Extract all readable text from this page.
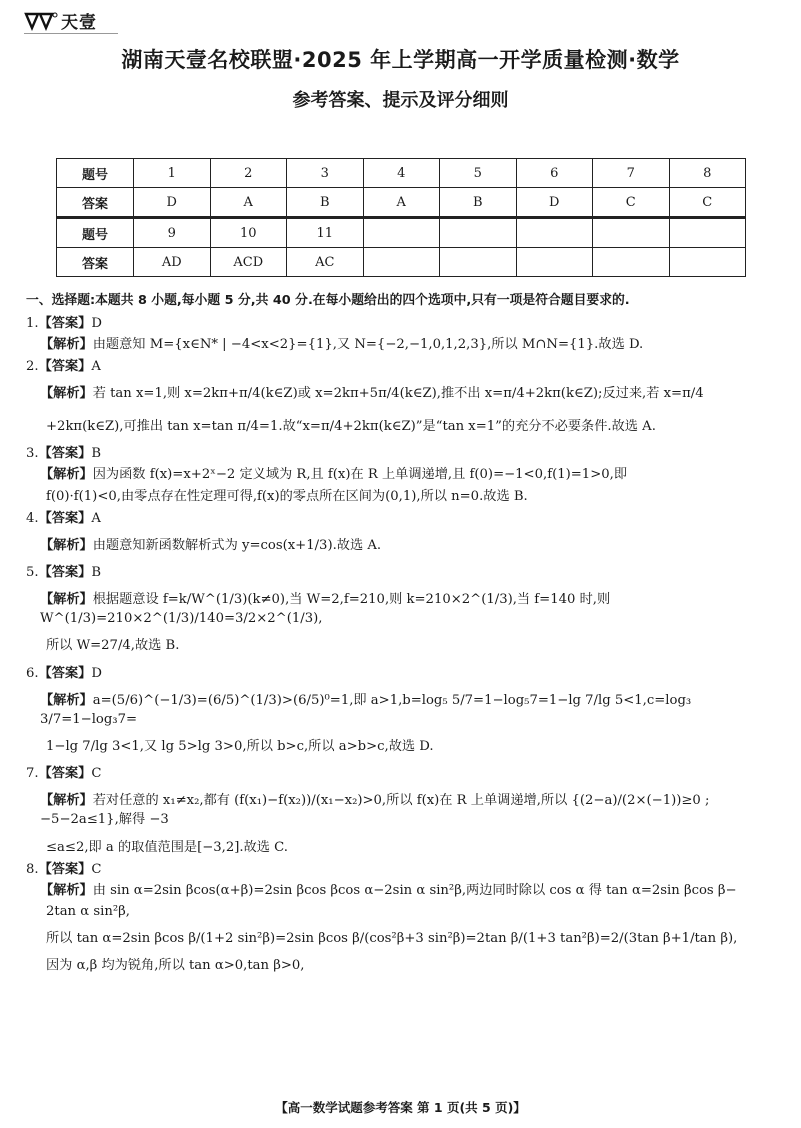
天壹
湖南天壹名校联盟·2025 年上学期高一开学质量检测·数学
参考答案、提示及评分细则
题号	1	2	3	4	5	6	7	8
答案	D	A	B	A	B	D	C	C
题号	9	10	11					
答案	AD	ACD	AC					

一、选择题:本题共 8 小题,每小题 5 分,共 40 分.在每小题给出的四个选项中,只有一项是符合题目要求的.

1.【答案】D

【解析】由题意知 M={x∈N* | −4<x<2}={1},又 N={−2,−1,0,1,2,3},所以 M∩N={1}.故选 D.

2.【答案】A

【解析】若 tan x=1,则 x=2kπ+π/4(k∈Z)或 x=2kπ+5π/4(k∈Z),推不出 x=π/4+2kπ(k∈Z);反过来,若 x=π/4

+2kπ(k∈Z),可推出 tan x=tan π/4=1.故“x=π/4+2kπ(k∈Z)”是“tan x=1”的充分不必要条件.故选 A.

3.【答案】B

【解析】因为函数 f(x)=x+2ˣ−2 定义域为 R,且 f(x)在 R 上单调递增,且 f(0)=−1<0,f(1)=1>0,即

f(0)·f(1)<0,由零点存在性定理可得,f(x)的零点所在区间为(0,1),所以 n=0.故选 B.

4.【答案】A

【解析】由题意知新函数解析式为 y=cos(x+1/3).故选 A.

5.【答案】B

【解析】根据题意设 f=k/W^(1/3)(k≠0),当 W=2,f=210,则 k=210×2^(1/3),当 f=140 时,则 W^(1/3)=210×2^(1/3)/140=3/2×2^(1/3),

所以 W=27/4,故选 B.

6.【答案】D

【解析】a=(5/6)^(−1/3)=(6/5)^(1/3)>(6/5)⁰=1,即 a>1,b=log₅ 5/7=1−log₅7=1−lg 7/lg 5<1,c=log₃ 3/7=1−log₃7=

1−lg 7/lg 3<1,又 lg 5>lg 3>0,所以 b>c,所以 a>b>c,故选 D.

7.【答案】C

【解析】若对任意的 x₁≠x₂,都有 (f(x₁)−f(x₂))/(x₁−x₂)>0,所以 f(x)在 R 上单调递增,所以 {(2−a)/(2×(−1))≥0 ; −5−2a≤1},解得 −3

≤a≤2,即 a 的取值范围是[−3,2].故选 C.

8.【答案】C

【解析】由 sin α=2sin βcos(α+β)=2sin βcos βcos α−2sin α sin²β,两边同时除以 cos α 得 tan α=2sin βcos β−

2tan α sin²β,

所以 tan α=2sin βcos β/(1+2 sin²β)=2sin βcos β/(cos²β+3 sin²β)=2tan β/(1+3 tan²β)=2/(3tan β+1/tan β),

因为 α,β 均为锐角,所以 tan α>0,tan β>0,

【高一数学试题参考答案 第 1 页(共 5 页)】
